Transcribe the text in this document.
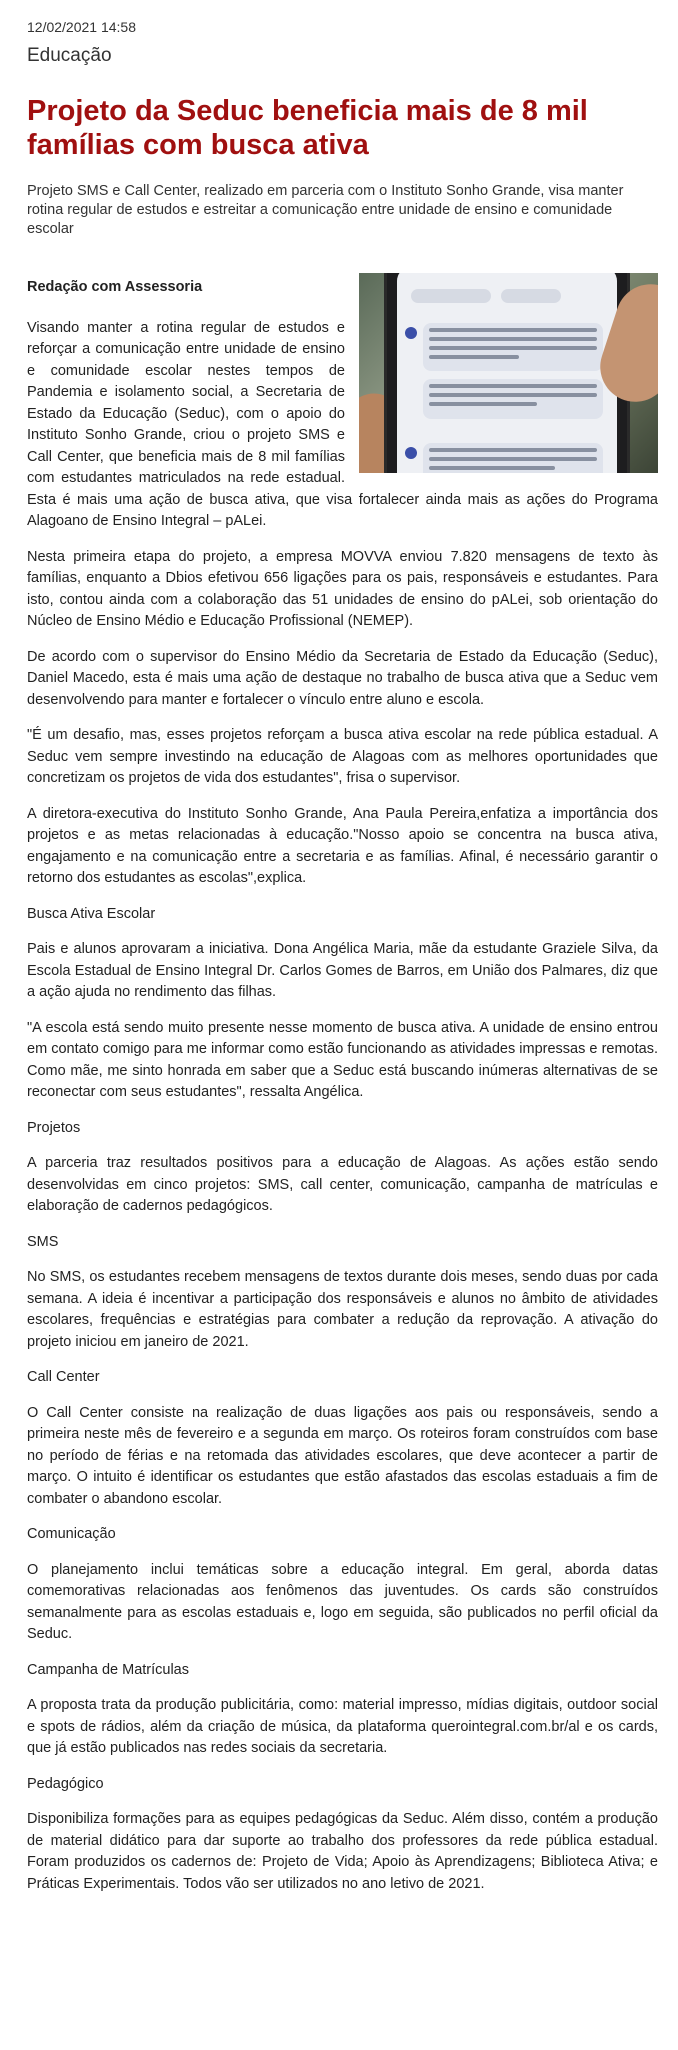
12/02/2021 14:58
Educação
Projeto da Seduc beneficia mais de 8 mil famílias com busca ativa
Projeto SMS e Call Center, realizado em parceria com o Instituto Sonho Grande, visa manter rotina regular de estudos e estreitar a comunicação entre unidade de ensino e comunidade escolar
Redação com Assessoria

Visando manter a rotina regular de estudos e reforçar a comunicação entre unidade de ensino e comunidade escolar nestes tempos de Pandemia e isolamento social, a Secretaria de Estado da Educação (Seduc), com o apoio do Instituto Sonho Grande, criou o projeto SMS e Call Center, que beneficia mais de 8 mil famílias com estudantes matriculados na rede estadual. Esta é mais uma ação de busca ativa, que visa fortalecer ainda mais as ações do Programa Alagoano de Ensino Integral – pALei.

Nesta primeira etapa do projeto, a empresa MOVVA enviou 7.820 mensagens de texto às famílias, enquanto a Dbios efetivou 656 ligações para os pais, responsáveis e estudantes. Para isto, contou ainda com a colaboração das 51 unidades de ensino do pALei, sob orientação do Núcleo de Ensino Médio e Educação Profissional (NEMEP).

De acordo com o supervisor do Ensino Médio da Secretaria de Estado da Educação (Seduc), Daniel Macedo, esta é mais uma ação de destaque no trabalho de busca ativa que a Seduc vem desenvolvendo para manter e fortalecer o vínculo entre aluno e escola.

"É um desafio, mas, esses projetos reforçam a busca ativa escolar na rede pública estadual. A Seduc vem sempre investindo na educação de Alagoas com as melhores oportunidades que concretizam os projetos de vida dos estudantes", frisa o supervisor.

A diretora-executiva do Instituto Sonho Grande, Ana Paula Pereira,enfatiza a importância dos projetos e as metas relacionadas à educação."Nosso apoio se concentra na busca ativa, engajamento e na comunicação entre a secretaria e as famílias. Afinal, é necessário garantir o retorno dos estudantes as escolas",explica.

Busca Ativa Escolar

Pais e alunos aprovaram a iniciativa. Dona Angélica Maria, mãe da estudante Graziele Silva, da Escola Estadual de Ensino Integral Dr. Carlos Gomes de Barros, em União dos Palmares, diz que a ação ajuda no rendimento das filhas.

"A escola está sendo muito presente nesse momento de busca ativa. A unidade de ensino entrou em contato comigo para me informar como estão funcionando as atividades impressas e remotas. Como mãe, me sinto honrada em saber que a Seduc está buscando inúmeras alternativas de se reconectar com seus estudantes", ressalta Angélica.

Projetos

A parceria traz resultados positivos para a educação de Alagoas. As ações estão sendo desenvolvidas em cinco projetos: SMS, call center, comunicação, campanha de matrículas e elaboração de cadernos pedagógicos.

SMS

No SMS, os estudantes recebem mensagens de textos durante dois meses, sendo duas por cada semana. A ideia é incentivar a participação dos responsáveis e alunos no âmbito de atividades escolares, frequências e estratégias para combater a redução da reprovação. A ativação do projeto iniciou em janeiro de 2021.

Call Center

O Call Center consiste na realização de duas ligações aos pais ou responsáveis, sendo a primeira neste mês de fevereiro e a segunda em março. Os roteiros foram construídos com base no período de férias e na retomada das atividades escolares, que deve acontecer a partir de março. O intuito é identificar os estudantes que estão afastados das escolas estaduais a fim de combater o abandono escolar.

Comunicação

O planejamento inclui temáticas sobre a educação integral. Em geral, aborda datas comemorativas relacionadas aos fenômenos das juventudes. Os cards são construídos semanalmente para as escolas estaduais e, logo em seguida, são publicados no perfil oficial da Seduc.

Campanha de Matrículas

A proposta trata da produção publicitária, como: material impresso, mídias digitais, outdoor social e spots de rádios, além da criação de música, da plataforma querointegral.com.br/al e os cards, que já estão publicados nas redes sociais da secretaria.

Pedagógico

Disponibiliza formações para as equipes pedagógicas da Seduc. Além disso, contém a produção de material didático para dar suporte ao trabalho dos professores da rede pública estadual. Foram produzidos os cadernos de: Projeto de Vida; Apoio às Aprendizagens; Biblioteca Ativa; e Práticas Experimentais. Todos vão ser utilizados no ano letivo de 2021.
